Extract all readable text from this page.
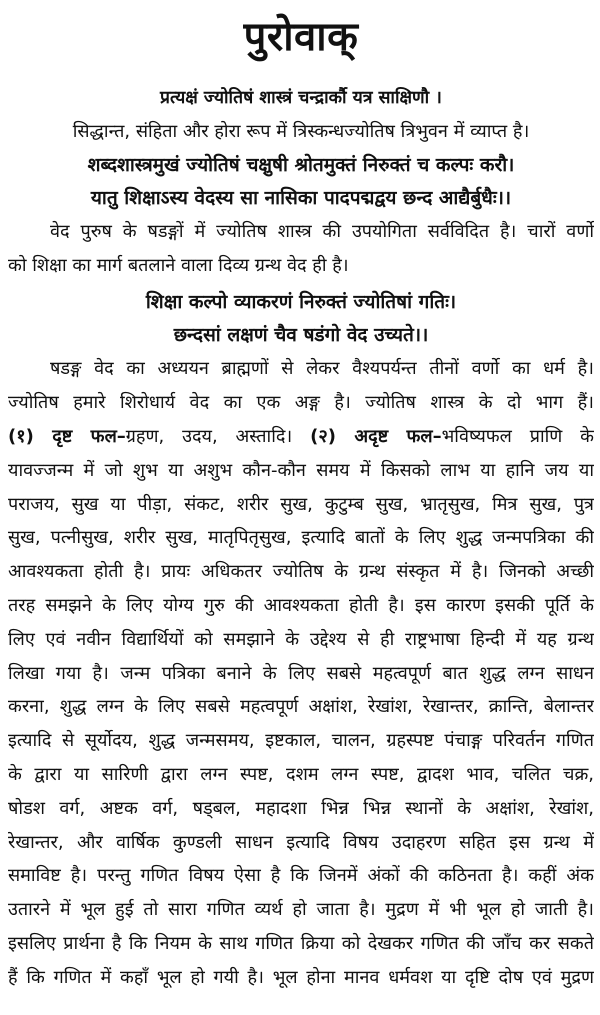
पुरोवाक्
प्रत्यक्षं ज्योतिषं शास्त्रं चन्द्रार्कौ यत्र साक्षिणौ ।
सिद्धान्त, संहिता और होरा रूप में त्रिस्कन्धज्योतिष त्रिभुवन में व्याप्त है।
शब्दशास्त्रमुखं ज्योतिषं चक्षुषी श्रोतमुक्तं निरुक्तं च कल्पः करौ।
यातु शिक्षाऽस्य वेदस्य सा नासिका पादपद्मद्वय छन्द आद्यैर्बुधैः।।
वेद पुरुष के षडङ्गों में ज्योतिष शास्त्र की उपयोगिता सर्वविदित है। चारों वर्णो
को शिक्षा का मार्ग बतलाने वाला दिव्य ग्रन्थ वेद ही है।
शिक्षा कल्पो व्याकरणं निरुक्तं ज्योतिषां गतिः।
छन्दसां लक्षणं चैव षडंगो वेद उच्यते।।
षडङ्ग वेद का अध्ययन ब्राह्मणों से लेकर वैश्यपर्यन्त तीनों वर्णो का धर्म है।
ज्योतिष हमारे शिरोधार्य वेद का एक अङ्ग है। ज्योतिष शास्त्र के दो भाग हैं।
(१) दृष्ट फल–ग्रहण, उदय, अस्तादि। (२) अदृष्ट फल–भविष्यफल प्राणि के
यावज्जन्म में जो शुभ या अशुभ कौन-कौन समय में किसको लाभ या हानि जय या
पराजय, सुख या पीड़ा, संकट, शरीर सुख, कुटुम्ब सुख, भ्रातृसुख, मित्र सुख, पुत्र
सुख, पत्नीसुख, शरीर सुख, मातृपितृसुख, इत्यादि बातों के लिए शुद्ध जन्मपत्रिका की
आवश्यकता होती है। प्रायः अधिकतर ज्योतिष के ग्रन्थ संस्कृत में है। जिनको अच्छी
तरह समझने के लिए योग्य गुरु की आवश्यकता होती है। इस कारण इसकी पूर्ति के
लिए एवं नवीन विद्यार्थियों को समझाने के उद्देश्य से ही राष्ट्रभाषा हिन्दी में यह ग्रन्थ
लिखा गया है। जन्म पत्रिका बनाने के लिए सबसे महत्वपूर्ण बात शुद्ध लग्न साधन
करना, शुद्ध लग्न के लिए सबसे महत्वपूर्ण अक्षांश, रेखांश, रेखान्तर, क्रान्ति, बेलान्तर
इत्यादि से सूर्योदय, शुद्ध जन्मसमय, इष्टकाल, चालन, ग्रहस्पष्ट पंचाङ्ग परिवर्तन गणित
के द्वारा या सारिणी द्वारा लग्न स्पष्ट, दशम लग्न स्पष्ट, द्वादश भाव, चलित चक्र,
षोडश वर्ग, अष्टक वर्ग, षड्बल, महादशा भिन्न भिन्न स्थानों के अक्षांश, रेखांश,
रेखान्तर, और वार्षिक कुण्डली साधन इत्यादि विषय उदाहरण सहित इस ग्रन्थ में
समाविष्ट है। परन्तु गणित विषय ऐसा है कि जिनमें अंकों की कठिनता है। कहीं अंक
उतारने में भूल हुई तो सारा गणित व्यर्थ हो जाता है। मुद्रण में भी भूल हो जाती है।
इसलिए प्रार्थना है कि नियम के साथ गणित क्रिया को देखकर गणित की जाँच कर सकते
हैं कि गणित में कहाँ भूल हो गयी है। भूल होना मानव धर्मवश या दृष्टि दोष एवं मुद्रण
